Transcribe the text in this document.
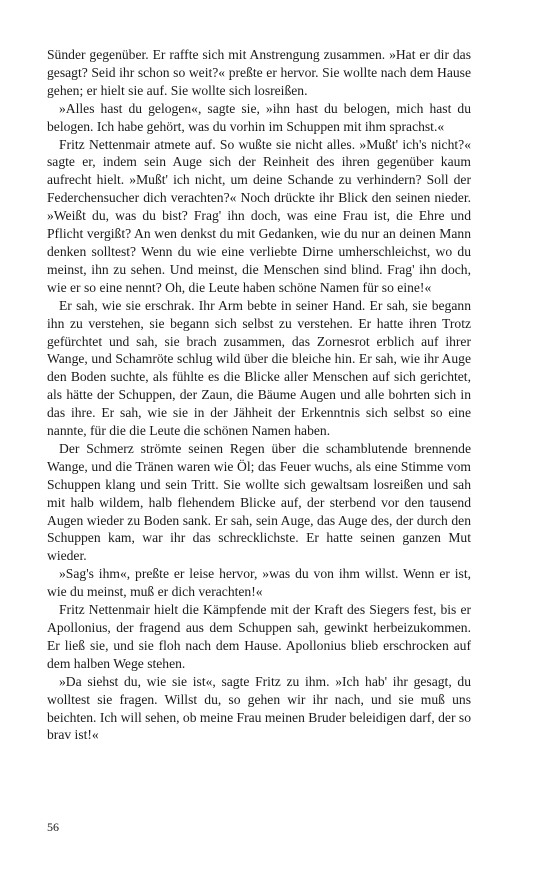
Sünder gegenüber. Er raffte sich mit Anstrengung zusammen. »Hat er dir das gesagt? Seid ihr schon so weit?« preßte er hervor. Sie wollte nach dem Hause gehen; er hielt sie auf. Sie wollte sich losreißen.

»Alles hast du gelogen«, sagte sie, »ihn hast du belogen, mich hast du belogen. Ich habe gehört, was du vorhin im Schuppen mit ihm sprachst.«

Fritz Nettenmair atmete auf. So wußte sie nicht alles. »Mußt' ich's nicht?« sagte er, indem sein Auge sich der Reinheit des ihren gegenüber kaum aufrecht hielt. »Mußt' ich nicht, um deine Schande zu verhindern? Soll der Federchensucher dich verachten?« Noch drückte ihr Blick den seinen nieder. »Weißt du, was du bist? Frag' ihn doch, was eine Frau ist, die Ehre und Pflicht vergißt? An wen denkst du mit Gedanken, wie du nur an deinen Mann denken solltest? Wenn du wie eine verliebte Dirne umherschleichst, wo du meinst, ihn zu sehen. Und meinst, die Menschen sind blind. Frag' ihn doch, wie er so eine nennt? Oh, die Leute haben schöne Namen für so eine!«

Er sah, wie sie erschrak. Ihr Arm bebte in seiner Hand. Er sah, sie begann ihn zu verstehen, sie begann sich selbst zu verstehen. Er hatte ihren Trotz gefürchtet und sah, sie brach zusammen, das Zornesrot erblich auf ihrer Wange, und Schamröte schlug wild über die bleiche hin. Er sah, wie ihr Auge den Boden suchte, als fühlte es die Blicke aller Menschen auf sich gerichtet, als hätte der Schuppen, der Zaun, die Bäume Augen und alle bohrten sich in das ihre. Er sah, wie sie in der Jähheit der Erkenntnis sich selbst so eine nannte, für die die Leute die schönen Namen haben.

Der Schmerz strömte seinen Regen über die schamblutende brennende Wange, und die Tränen waren wie Öl; das Feuer wuchs, als eine Stimme vom Schuppen klang und sein Tritt. Sie wollte sich gewaltsam losreißen und sah mit halb wildem, halb flehendem Blicke auf, der sterbend vor den tausend Augen wieder zu Boden sank. Er sah, sein Auge, das Auge des, der durch den Schuppen kam, war ihr das schrecklichste. Er hatte seinen ganzen Mut wieder.

»Sag's ihm«, preßte er leise hervor, »was du von ihm willst. Wenn er ist, wie du meinst, muß er dich verachten!«

Fritz Nettenmair hielt die Kämpfende mit der Kraft des Siegers fest, bis er Apollonius, der fragend aus dem Schuppen sah, gewinkt herbeizukommen. Er ließ sie, und sie floh nach dem Hause. Apollonius blieb erschrocken auf dem halben Wege stehen.

»Da siehst du, wie sie ist«, sagte Fritz zu ihm. »Ich hab' ihr gesagt, du wolltest sie fragen. Willst du, so gehen wir ihr nach, und sie muß uns beichten. Ich will sehen, ob meine Frau meinen Bruder beleidigen darf, der so brav ist!«

56
